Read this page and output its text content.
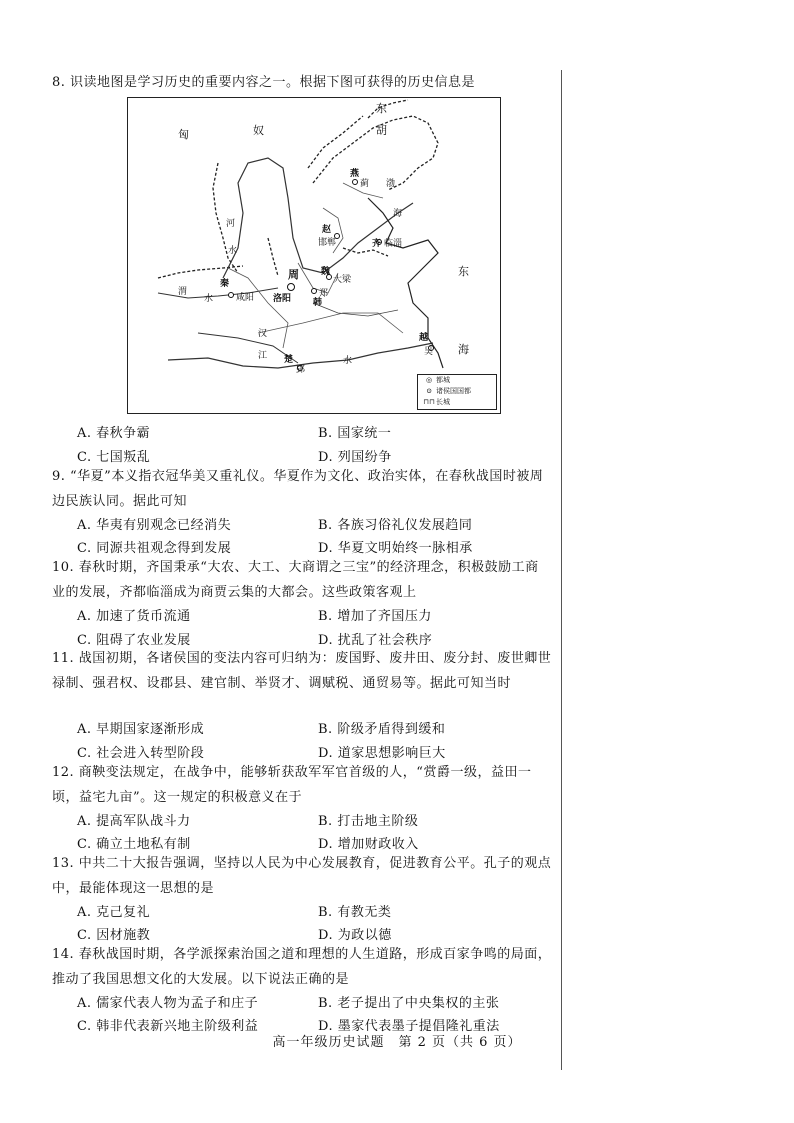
8. 识读地图是学习历史的重要内容之一。根据下图可获得的历史信息是
匈	奴
东
胡
燕
蓟
赵
邯郸	齐 临淄
秦
咸阳
周
洛阳
魏
大梁
韩
郑
楚
郢
越
吴
河
水
渭
水
汉
江	水
渤
海
东
海
◎ 都城
⊙ 诸侯国国都
⊓⊓长城
A. 春秋争霸	B. 国家统一
C. 七国叛乱	D. 列国纷争
9. “华夏”本义指衣冠华美又重礼仪。华夏作为文化、政治实体，在春秋战国时被周边民族认同。据此可知
A. 华夷有别观念已经消失	B. 各族习俗礼仪发展趋同
C. 同源共祖观念得到发展	D. 华夏文明始终一脉相承
10. 春秋时期，齐国秉承“大农、大工、大商谓之三宝”的经济理念，积极鼓励工商业的发展，齐都临淄成为商贾云集的大都会。这些政策客观上
A. 加速了货币流通	B. 增加了齐国压力
C. 阻碍了农业发展	D. 扰乱了社会秩序
11. 战国初期，各诸侯国的变法内容可归纳为：废国野、废井田、废分封、废世卿世禄制、强君权、设郡县、建官制、举贤才、调赋税、通贸易等。据此可知当时
A. 早期国家逐渐形成	B. 阶级矛盾得到缓和
C. 社会进入转型阶段	D. 道家思想影响巨大
12. 商鞅变法规定，在战争中，能够斩获敌军军官首级的人，“赏爵一级，益田一顷，益宅九亩”。这一规定的积极意义在于
A. 提高军队战斗力	B. 打击地主阶级
C. 确立土地私有制	D. 增加财政收入
13. 中共二十大报告强调，坚持以人民为中心发展教育，促进教育公平。孔子的观点中，最能体现这一思想的是
A. 克己复礼	B. 有教无类
C. 因材施教	D. 为政以德
14. 春秋战国时期，各学派探索治国之道和理想的人生道路，形成百家争鸣的局面，推动了我国思想文化的大发展。以下说法正确的是
A. 儒家代表人物为孟子和庄子	B. 老子提出了中央集权的主张
C. 韩非代表新兴地主阶级利益	D. 墨家代表墨子提倡隆礼重法
高一年级历史试题　第 2 页（共 6 页）
